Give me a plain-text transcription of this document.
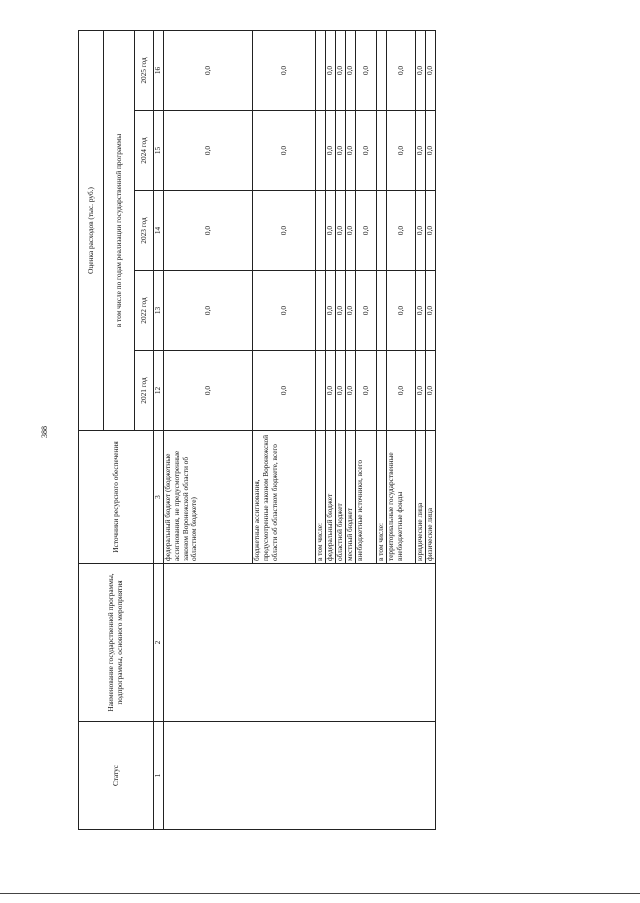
388
Статус	Наименование государственной программы, подпрограммы, основного мероприятия	Источники ресурсного обеспечения	Оценка расходов (тыс. руб.)				
			в том числе по годам реализации государственной программы				
			2021 год	2022 год	2023 год	2024 год	2025 год
1	2	3	12	13	14	15	16
		федеральный бюджет (бюджетные ассигнования, не предусмотренные законом Воронежской области об областном бюджете)	0,0	0,0	0,0	0,0	0,0
		бюджетные ассигнования, предусмотренные законом Воронежской области об областном бюджете, всего	0,0	0,0	0,0	0,0	0,0
		в том числе:					
		федеральный бюджет	0,0	0,0	0,0	0,0	0,0
		областной бюджет	0,0	0,0	0,0	0,0	0,0
		местный бюджет	0,0	0,0	0,0	0,0	0,0
		внебюджетные источники, всего	0,0	0,0	0,0	0,0	0,0
		в том числе:					
		территориальные государственные внебюджетные фонды	0,0	0,0	0,0	0,0	0,0
		юридические лица	0,0	0,0	0,0	0,0	0,0
		физические лица	0,0	0,0	0,0	0,0	0,0
